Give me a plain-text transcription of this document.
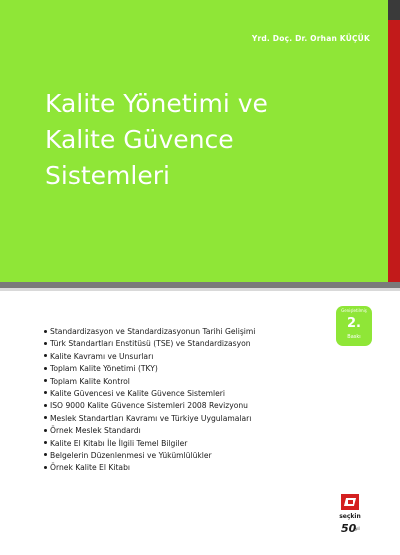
Yrd. Doç. Dr. Orhan KÜÇÜK
Kalite Yönetimi ve
Kalite Güvence
Sistemleri
Genişletilmiş
2.
Baskı
Standardizasyon ve Standardizasyonun Tarihi Gelişimi
Türk Standartları Enstitüsü (TSE) ve Standardizasyon
Kalite Kavramı ve Unsurları
Toplam Kalite Yönetimi (TKY)
Toplam Kalite Kontrol
Kalite Güvencesi ve Kalite Güvence Sistemleri
ISO 9000 Kalite Güvence Sistemleri 2008 Revizyonu
Meslek Standartları Kavramı ve Türkiye Uygulamaları
Örnek Meslek Standardı
Kalite El Kitabı İle İlgili Temel Bilgiler
Belgelerin Düzenlenmesi ve Yükümlülükler
Örnek Kalite El Kitabı
seçkin
50
yıl
